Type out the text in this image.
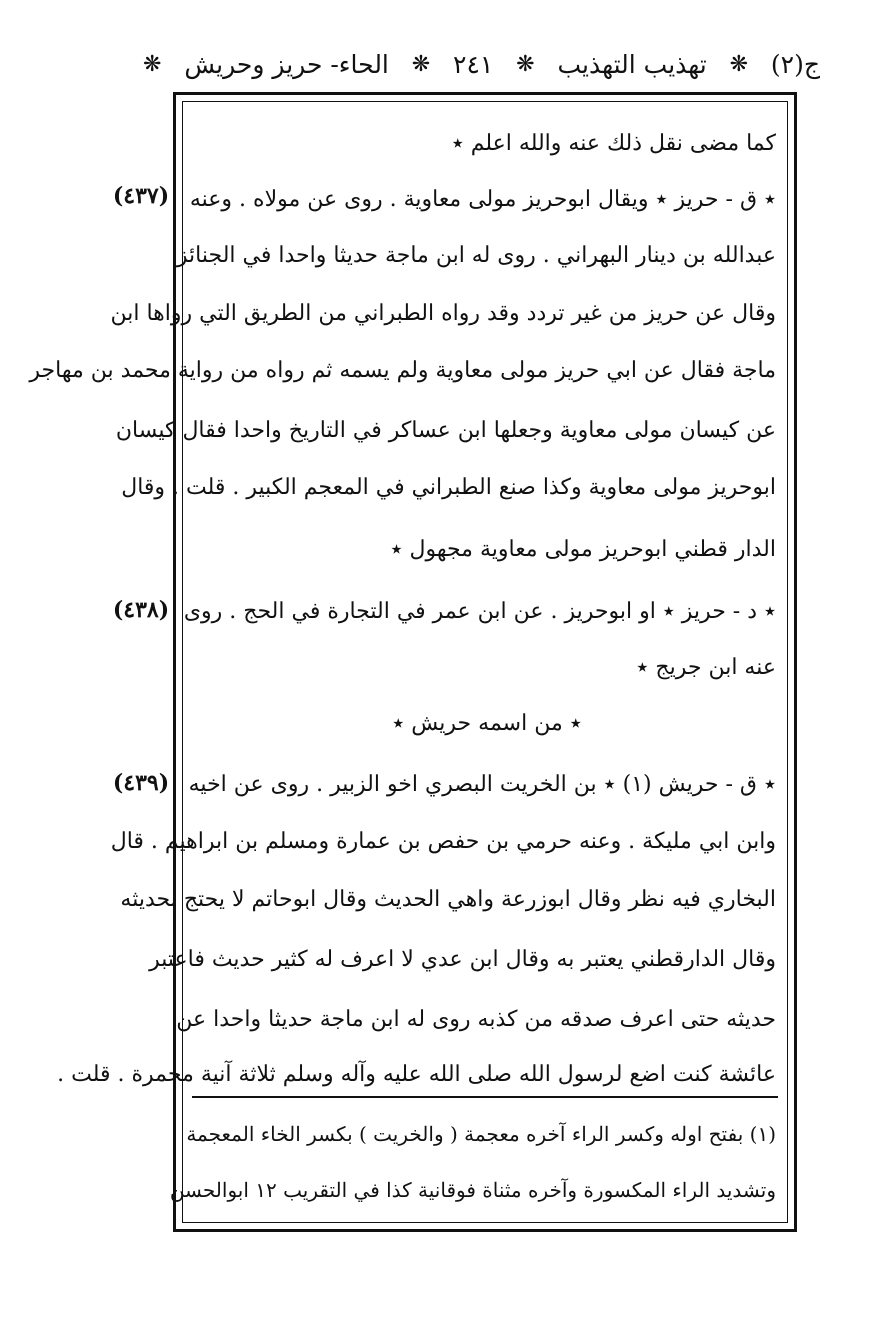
ج(٢)
❋
تهذيب التهذيب
❋
٢٤١
❋
الحاء- حريز وحريش
❋
(٤٣٧)
(٤٣٨)
(٤٣٩)
كما مضى نقل ذلك عنه والله اعلم ٭
٭ ق - حريز ٭ ويقال ابوحريز مولى معاوية . روى عن مولاه . وعنه
عبدالله بن دينار البهراني . روى له ابن ماجة حديثا واحدا في الجنائز
وقال عن حريز من غير تردد وقد رواه الطبراني من الطريق التي رواها ابن
ماجة فقال عن ابي حريز مولى معاوية ولم يسمه ثم رواه من رواية محمد بن مهاجر
عن كيسان مولى معاوية وجعلها ابن عساكر في التاريخ واحدا فقال كيسان
ابوحريز مولى معاوية وكذا صنع الطبراني في المعجم الكبير . قلت . وقال
الدار قطني ابوحريز مولى معاوية مجهول ٭
٭ د - حريز ٭ او ابوحريز . عن ابن عمر في التجارة في الحج . روى
عنه ابن جريج ٭
٭ من اسمه حريش ٭
٭ ق - حريش (١) ٭ بن الخريت البصري اخو الزبير . روى عن اخيه
وابن ابي مليكة . وعنه حرمي بن حفص بن عمارة ومسلم بن ابراهيم . قال
البخاري فيه نظر وقال ابوزرعة واهي الحديث وقال ابوحاتم لا يحتج بحديثه
وقال الدارقطني يعتبر به وقال ابن عدي لا اعرف له كثير حديث فاعتبر
حديثه حتى اعرف صدقه من كذبه روى له ابن ماجة حديثا واحدا عن
عائشة كنت اضع لرسول الله صلى الله عليه وآله وسلم ثلاثة آنية مخمرة . قلت .
(١) بفتح اوله وكسر الراء آخره معجمة ( والخريت ) بكسر الخاء المعجمة
وتشديد الراء المكسورة وآخره مثناة فوقانية كذا في التقريب ١٢ ابوالحسن
